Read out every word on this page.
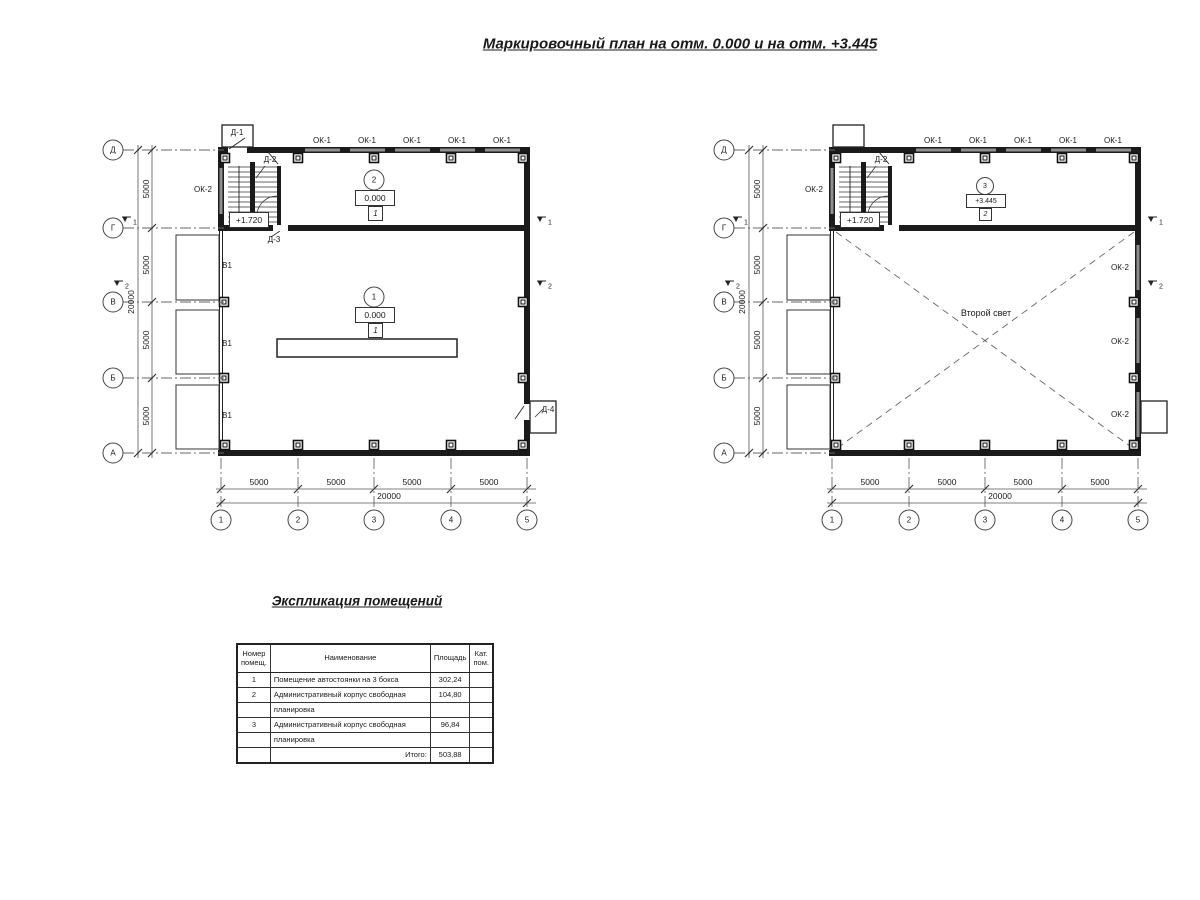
Маркировочный план на отм. 0.000 и на отм. +3.445
ОК-1	ОК-1	ОК-1	ОК-1	ОК-1
ОК-2
Д-1
Д-2
Д-3
Д-4
В1
В1
В1
1
2
1
2
Д
Г
В
Б
А
1	2	3	4	5
5000
5000
5000
5000
20000
5000	5000	5000	5000
20000
+1.720
2
0.000
1
1
0.000
1
ОК-1	ОК-1	ОК-1	ОК-1	ОК-1
ОК-2
ОК-2
ОК-2
ОК-2
Д-2
Второй свет
1
2
1
2
Д
Г
В
Б
А
1	2	3	4	5
5000
5000
5000
5000
20000
5000	5000	5000	5000
20000
+1.720
3
+3.445
2
Экспликация помещений
Номер помещ.	Наименование	Площадь	Кат. пом.
1	Помещение автостоянки на 3 бокса	302,24	
2	Административный корпус свободная	104,80	
	планировка		
3	Административный корпус свободная	96,84	
	планировка		
	Итого:	503,88	
